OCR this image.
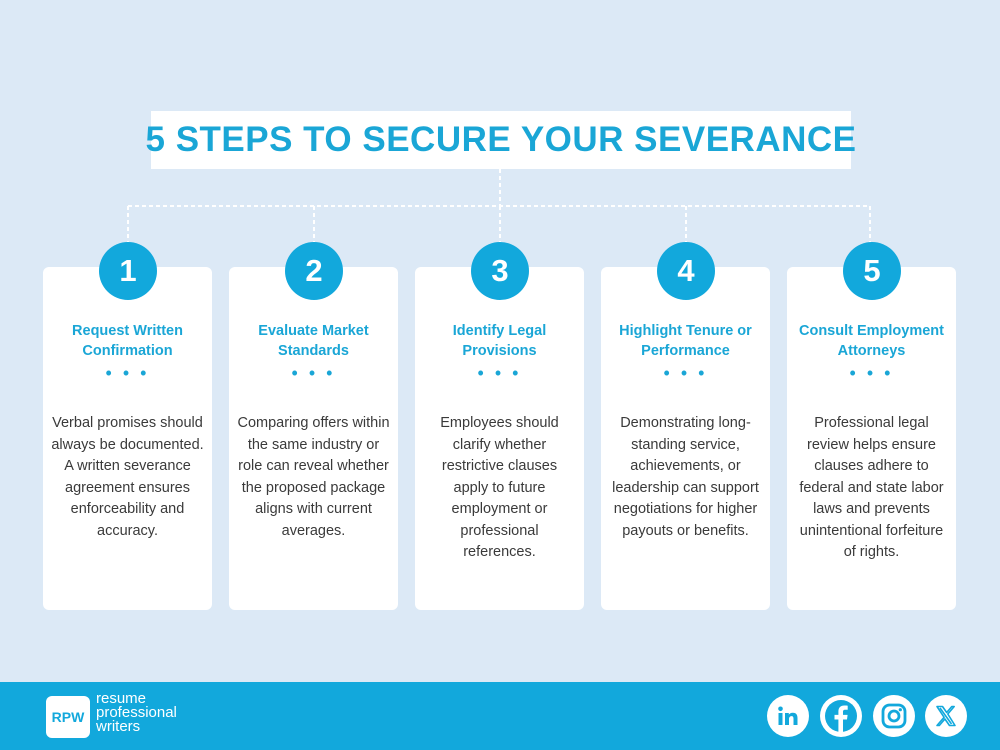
5 STEPS TO SECURE YOUR SEVERANCE
Request Written Confirmation
• • •
Verbal promises should always be documented. A written severance agreement ensures enforceability and accuracy.
Evaluate Market Standards
• • •
Comparing offers within the same industry or role can reveal whether the proposed package aligns with current averages.
Identify Legal Provisions
• • •
Employees should clarify whether restrictive clauses apply to future employment or professional references.
Highlight Tenure or Performance
• • •
Demonstrating long-standing service, achievements, or leadership can support negotiations for higher payouts or benefits.
Consult Employment Attorneys
• • •
Professional legal review helps ensure clauses adhere to federal and state labor laws and prevents unintentional forfeiture of rights.
1	2	3	4	5
RPW
resume
professional
writers
